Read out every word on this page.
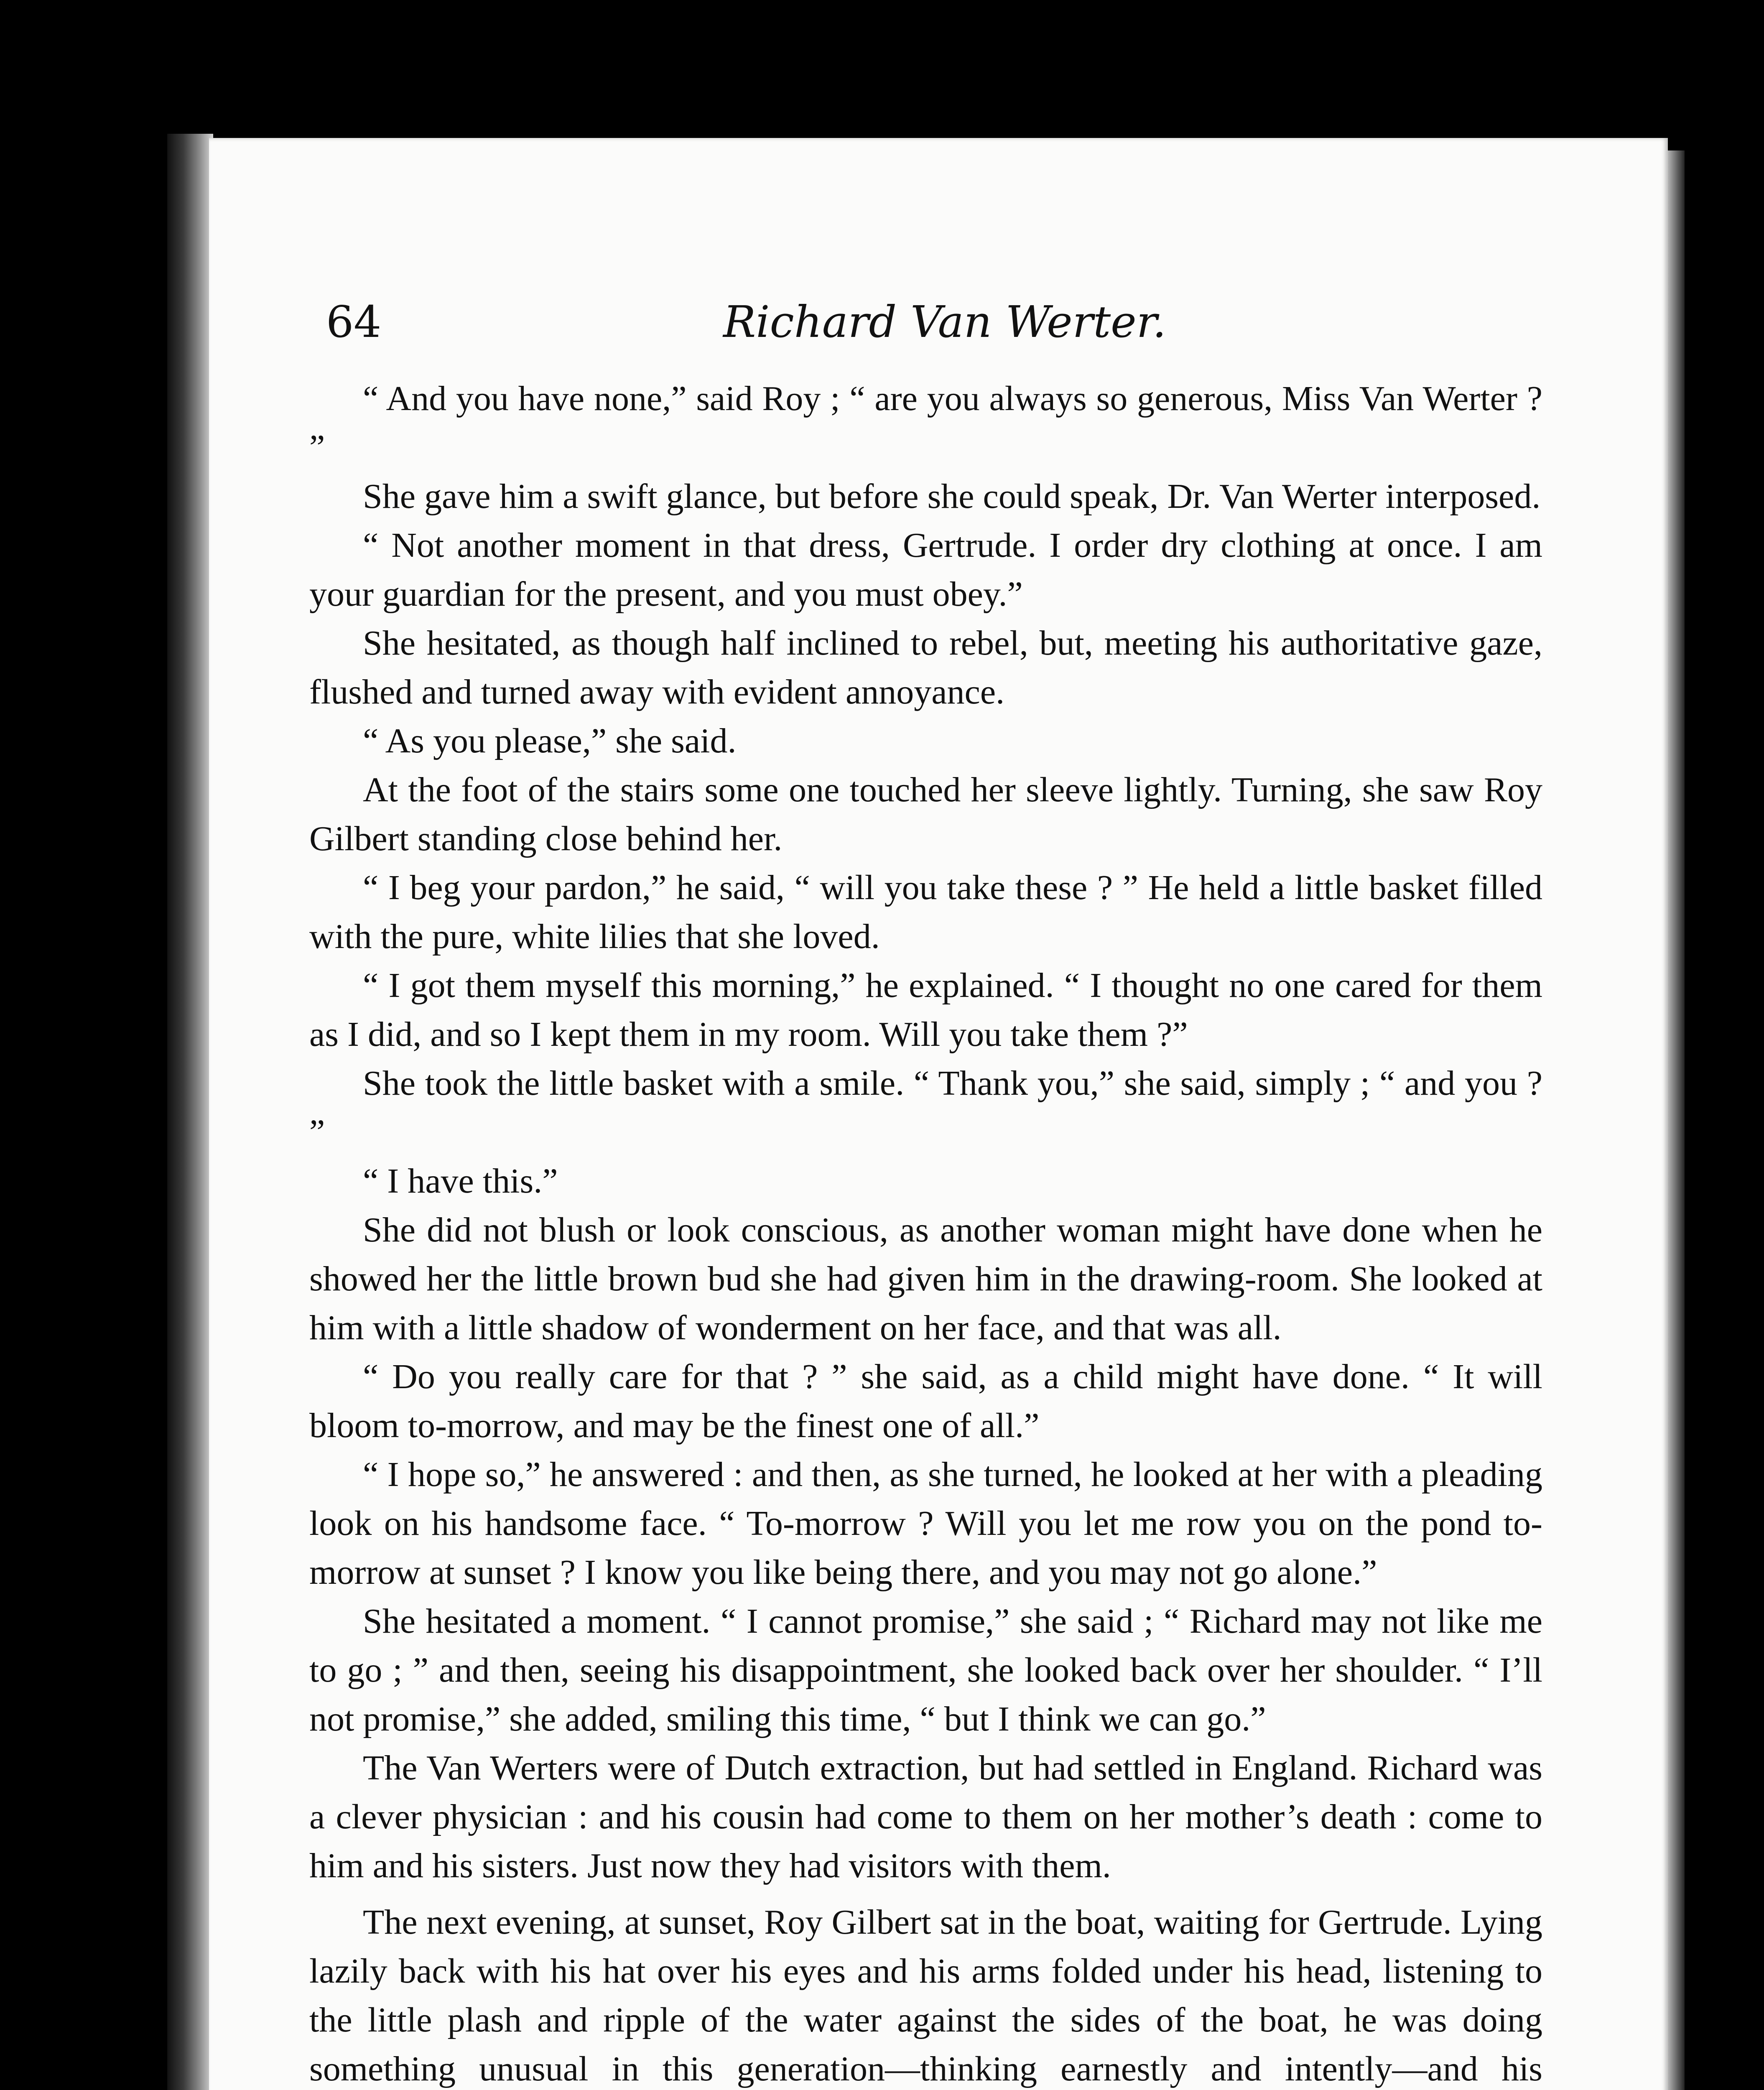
64	Richard Van Werter.

“ And you have none,” said Roy ; “ are you always so generous, Miss Van Werter ? ”

She gave him a swift glance, but before she could speak, Dr. Van Werter interposed.

“ Not another moment in that dress, Gertrude. I order dry clothing at once. I am your guardian for the present, and you must obey.”

She hesitated, as though half inclined to rebel, but, meeting his authoritative gaze, flushed and turned away with evident annoyance.

“ As you please,” she said.

At the foot of the stairs some one touched her sleeve lightly. Turning, she saw Roy Gilbert standing close behind her.

“ I beg your pardon,” he said, “ will you take these ? ” He held a little basket filled with the pure, white lilies that she loved.

“ I got them myself this morning,” he explained. “ I thought no one cared for them as I did, and so I kept them in my room. Will you take them ?”

She took the little basket with a smile. “ Thank you,” she said, simply ; “ and you ? ”

“ I have this.”

She did not blush or look conscious, as another woman might have done when he showed her the little brown bud she had given him in the drawing-room. She looked at him with a little shadow of wonderment on her face, and that was all.

“ Do you really care for that ? ” she said, as a child might have done. “ It will bloom to-morrow, and may be the finest one of all.”

“ I hope so,” he answered : and then, as she turned, he looked at her with a pleading look on his handsome face. “ To-morrow ? Will you let me row you on the pond to-morrow at sunset ? I know you like being there, and you may not go alone.”

She hesitated a moment. “ I cannot promise,” she said ; “ Richard may not like me to go ; ” and then, seeing his disappointment, she looked back over her shoulder. “ I’ll not promise,” she added, smiling this time, “ but I think we can go.”

The Van Werters were of Dutch extraction, but had settled in England. Richard was a clever physician : and his cousin had come to them on her mother’s death : come to him and his sisters. Just now they had visitors with them.

The next evening, at sunset, Roy Gilbert sat in the boat, waiting for Gertrude. Lying lazily back with his hat over his eyes and his arms folded under his head, listening to the little plash and ripple of the water against the sides of the boat, he was doing something unusual in this generation—thinking earnestly and intently—and his
